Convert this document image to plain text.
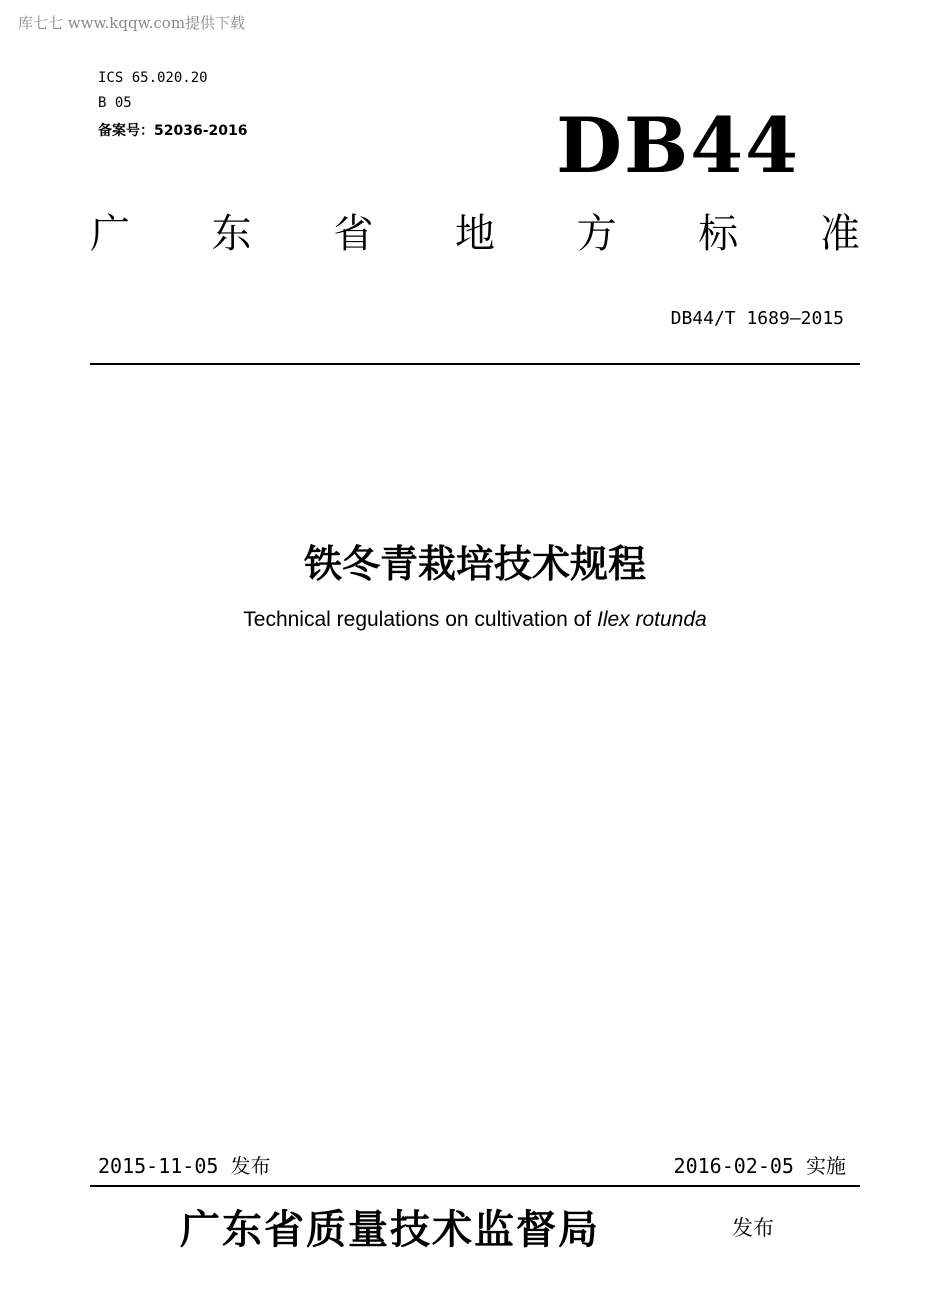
库七七 www.kqqw.com提供下载
ICS 65.020.20
B 05
备案号：52036-2016	DB44
广 东 省 地 方 标 准
DB44/T 1689—2015
铁冬青栽培技术规程
Technical regulations on cultivation of Ilex rotunda
2015-11-05 发布	2016-02-05 实施
广东省质量技术监督局	发布
